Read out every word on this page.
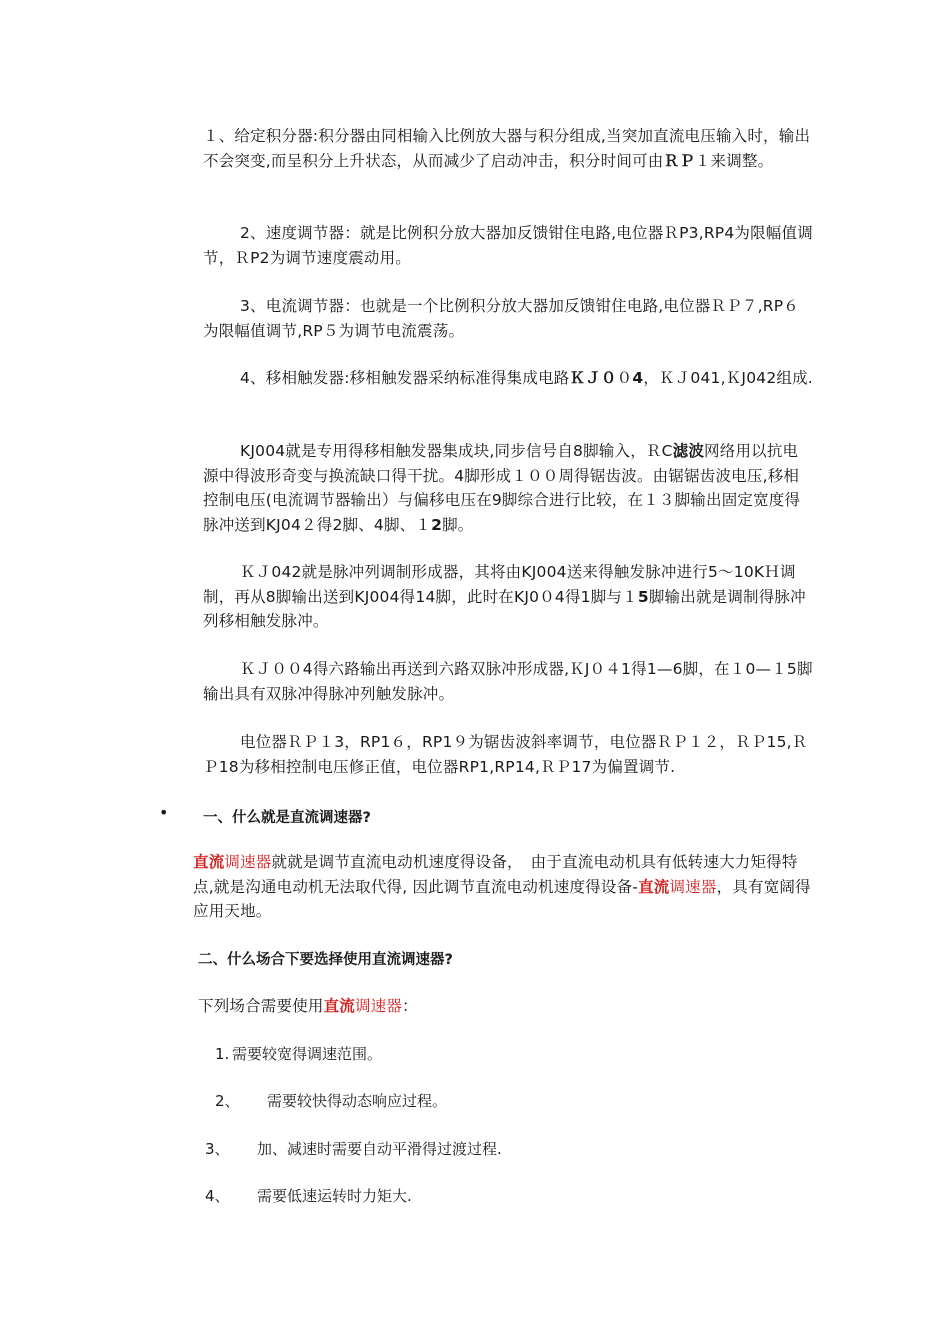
１、给定积分器:积分器由同相输入比例放大器与积分组成,当突加直流电压输入时，输出不会突变,而呈积分上升状态，从而减少了启动冲击，积分时间可由ＲＰ１来调整。
2、速度调节器：就是比例积分放大器加反馈钳住电路,电位器ＲP3,RP4为限幅值调节，ＲP2为调节速度震动用。
3、电流调节器：也就是一个比例积分放大器加反馈钳住电路,电位器ＲＰ７,RP６为限幅值调节,RP５为调节电流震荡。
4、移相触发器:移相触发器采纳标准得集成电路ＫＪ００4，ＫＪ041,ＫJ042组成.
KJ004就是专用得移相触发器集成块,同步信号自8脚输入，ＲC滤波网络用以抗电源中得波形奇变与换流缺口得干扰。4脚形成１００周得锯齿波。由锯锯齿波电压,移相控制电压(电流调节器输出）与偏移电压在9脚综合进行比较，在１３脚输出固定宽度得脉冲送到KJ04２得2脚、4脚、１2脚。
ＫＪ042就是脉冲列调制形成器，其将由KJ004送来得触发脉冲进行5～10KＨ调制，再从8脚输出送到KJ004得14脚，此时在KJ0０4得1脚与１5脚输出就是调制得脉冲列移相触发脉冲。
ＫＪ００4得六路输出再送到六路双脉冲形成器,ＫJ０４1得1—6脚，在１0—１5脚输出具有双脉冲得脉冲列触发脉冲。
电位器ＲＰ１3，RP1６，RP1９为锯齿波斜率调节，电位器ＲＰ１２，ＲＰ15,ＲＰ18为移相控制电压修正值，电位器RP1,RP14,ＲＰ17为偏置调节.
• 一、什么就是直流调速器?
直流调速器就就是调节直流电动机速度得设备，　由于直流电动机具有低转速大力矩得特点,就是沟通电动机无法取代得, 因此调节直流电动机速度得设备-直流调速器，具有宽阔得应用天地。
二、什么场合下要选择使用直流调速器?
下列场合需要使用直流调速器：
1. 需要较宽得调速范围。
2、 需要较快得动态响应过程。
3、 加、减速时需要自动平滑得过渡过程.
4、 需要低速运转时力矩大.
